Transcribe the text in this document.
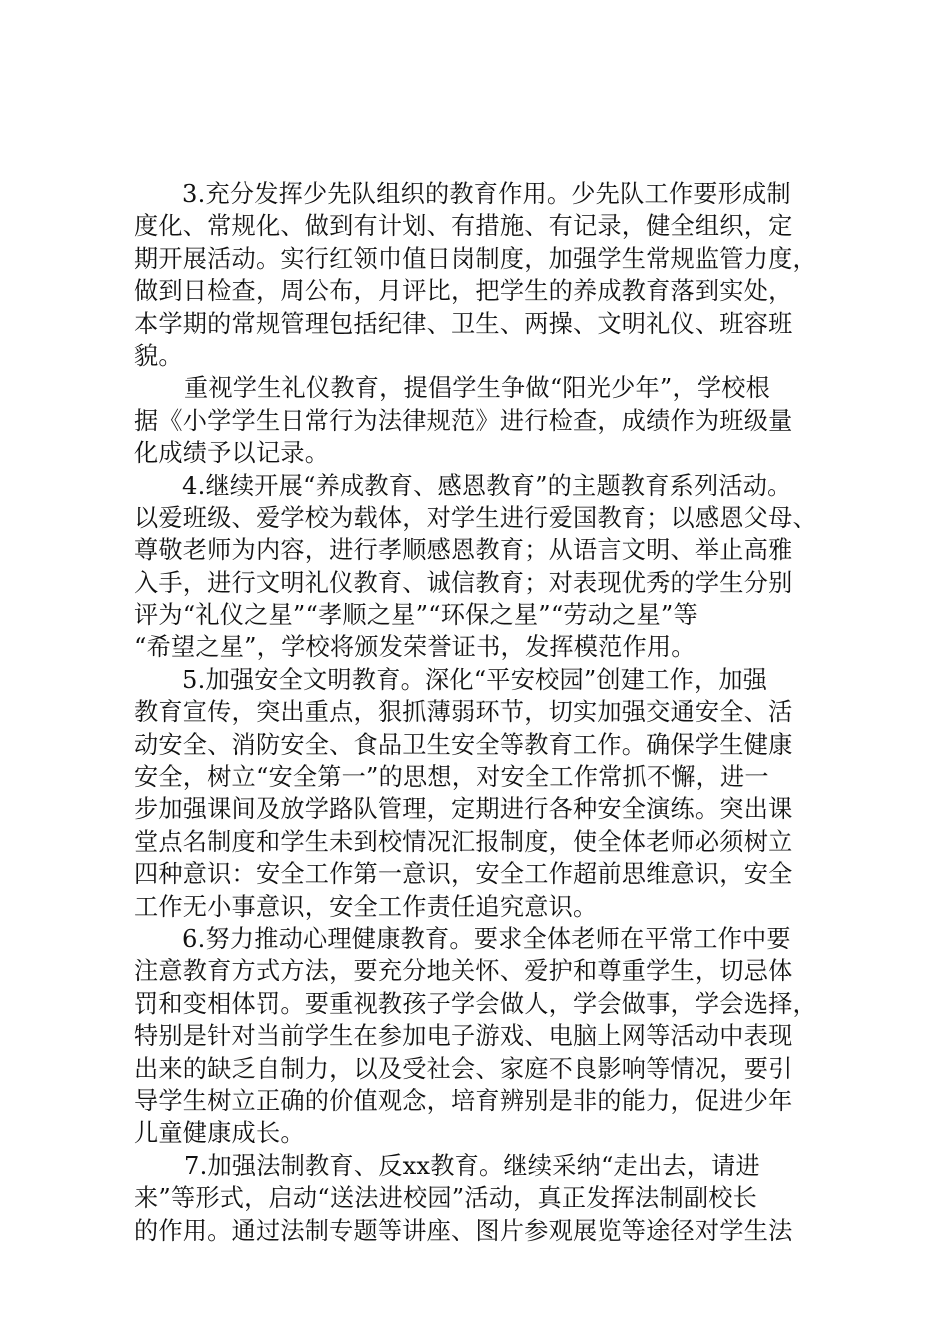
3.充分发挥少先队组织的教育作用。少先队工作要形成制
度化、常规化、做到有计划、有措施、有记录，健全组织，定
期开展活动。实行红领巾值日岗制度，加强学生常规监管力度，
做到日检查，周公布，月评比，把学生的养成教育落到实处，
本学期的常规管理包括纪律、卫生、两操、文明礼仪、班容班
貌。
重视学生礼仪教育，提倡学生争做“阳光少年”，学校根
据《小学学生日常行为法律规范》进行检查，成绩作为班级量
化成绩予以记录。
4.继续开展“养成教育、感恩教育”的主题教育系列活动。
以爱班级、爱学校为载体，对学生进行爱国教育；以感恩父母、
尊敬老师为内容，进行孝顺感恩教育；从语言文明、举止高雅
入手，进行文明礼仪教育、诚信教育；对表现优秀的学生分别
评为“礼仪之星”“孝顺之星”“环保之星”“劳动之星”等
“希望之星”，学校将颁发荣誉证书，发挥模范作用。
5.加强安全文明教育。深化“平安校园”创建工作，加强
教育宣传，突出重点，狠抓薄弱环节，切实加强交通安全、活
动安全、消防安全、食品卫生安全等教育工作。确保学生健康
安全，树立“安全第一”的思想，对安全工作常抓不懈，进一
步加强课间及放学路队管理，定期进行各种安全演练。突出课
堂点名制度和学生未到校情况汇报制度，使全体老师必须树立
四种意识：安全工作第一意识，安全工作超前思维意识，安全
工作无小事意识，安全工作责任追究意识。
6.努力推动心理健康教育。要求全体老师在平常工作中要
注意教育方式方法，要充分地关怀、爱护和尊重学生，切忌体
罚和变相体罚。要重视教孩子学会做人，学会做事，学会选择，
特别是针对当前学生在参加电子游戏、电脑上网等活动中表现
出来的缺乏自制力，以及受社会、家庭不良影响等情况，要引
导学生树立正确的价值观念，培育辨别是非的能力，促进少年
儿童健康成长。
7.加强法制教育、反xx教育。继续采纳“走出去，请进
来”等形式，启动“送法进校园”活动，真正发挥法制副校长
的作用。通过法制专题等讲座、图片参观展览等途径对学生法
